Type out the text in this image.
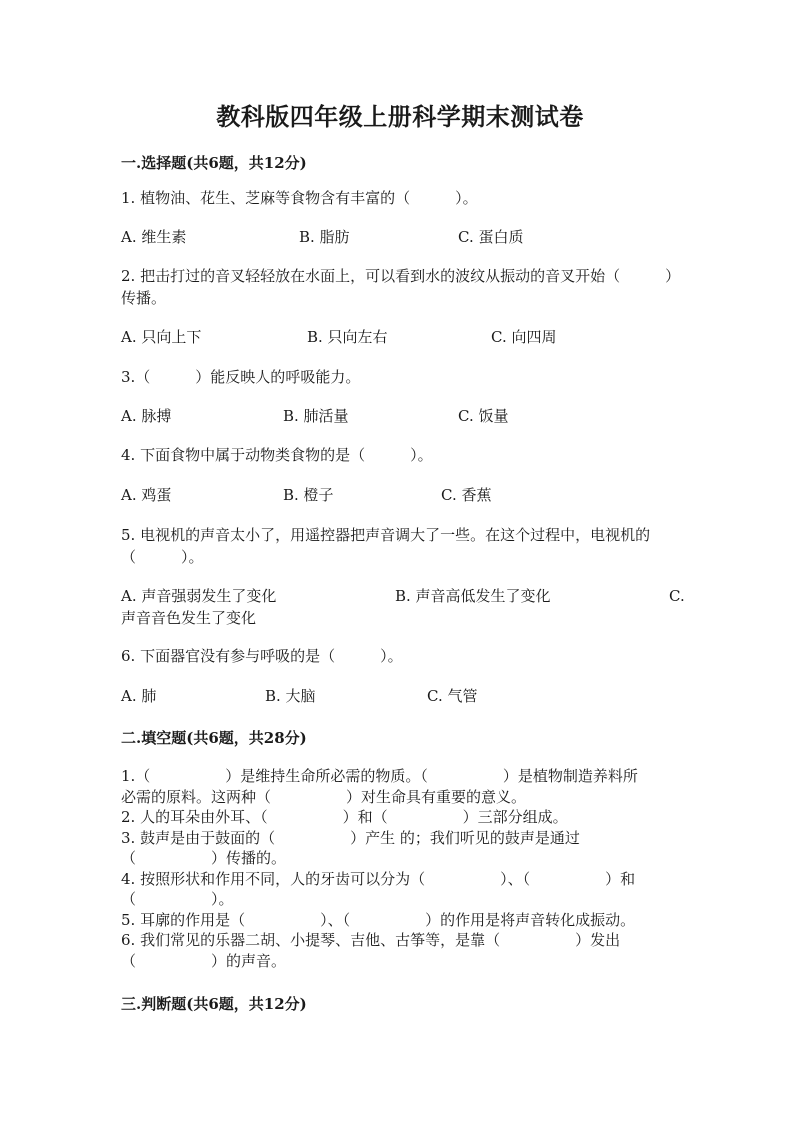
教科版四年级上册科学期末测试卷
一.选择题(共6题，共12分)
1. 植物油、花生、芝麻等食物含有丰富的（　　　）。
A. 维生素	B. 脂肪	C. 蛋白质
2. 把击打过的音叉轻轻放在水面上，可以看到水的波纹从振动的音叉开始（　　　）传播。
A. 只向上下	B. 只向左右	C. 向四周
3.（　　　）能反映人的呼吸能力。
A. 脉搏	B. 肺活量	C. 饭量
4. 下面食物中属于动物类食物的是（　　　）。
A. 鸡蛋	B. 橙子	C. 香蕉
5. 电视机的声音太小了，用遥控器把声音调大了一些。在这个过程中，电视机的（　　　）。
A. 声音强弱发生了变化	B. 声音高低发生了变化	C.
声音音色发生了变化
6. 下面器官没有参与呼吸的是（　　　）。
A. 肺	B. 大脑	C. 气管
二.填空题(共6题，共28分)
1.（　　　　　）是维持生命所必需的物质。（　　　　　）是植物制造养料所
必需的原料。这两种（　　　　　）对生命具有重要的意义。
2. 人的耳朵由外耳、（　　　　　）和（　　　　　）三部分组成。
3. 鼓声是由于鼓面的（　　　　　）产生 的；我们听见的鼓声是通过
（　　　　　）传播的。
4. 按照形状和作用不同，人的牙齿可以分为（　　　　　）、（　　　　　）和
（　　　　　）。
5. 耳廓的作用是（　　　　　）、（　　　　　）的作用是将声音转化成振动。
6. 我们常见的乐器二胡、小提琴、吉他、古筝等，是靠（　　　　　）发出
（　　　　　）的声音。
三.判断题(共6题，共12分)
